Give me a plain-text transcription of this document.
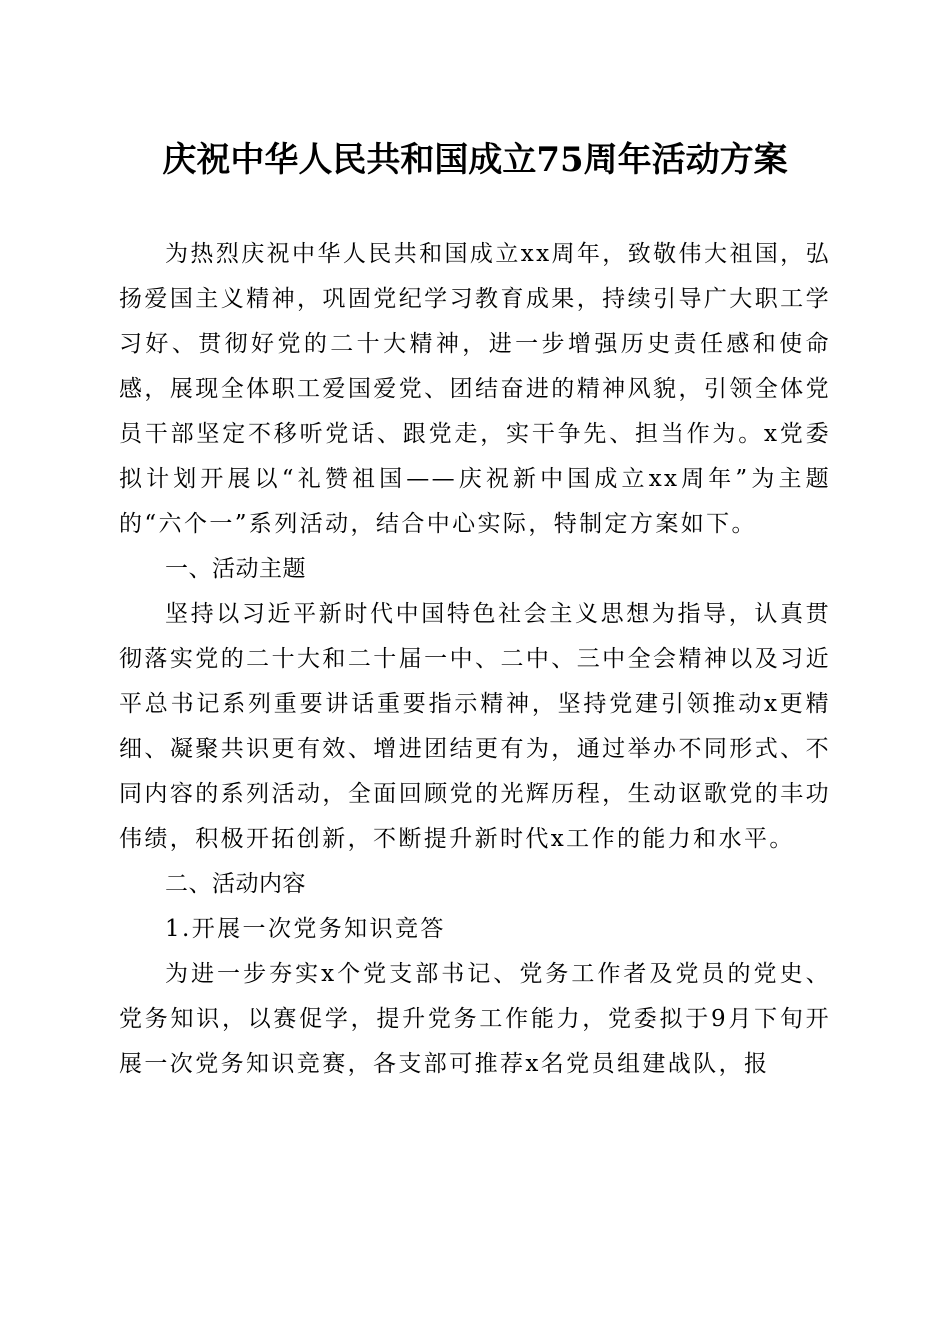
庆祝中华人民共和国成立75周年活动方案

为热烈庆祝中华人民共和国成立xx周年，致敬伟大祖国，弘扬爱国主义精神，巩固党纪学习教育成果，持续引导广大职工学习好、贯彻好党的二十大精神，进一步增强历史责任感和使命感，展现全体职工爱国爱党、团结奋进的精神风貌，引领全体党员干部坚定不移听党话、跟党走，实干争先、担当作为。x党委拟计划开展以“礼赞祖国——庆祝新中国成立xx周年”为主题的“六个一”系列活动，结合中心实际，特制定方案如下。

一、活动主题

坚持以习近平新时代中国特色社会主义思想为指导，认真贯彻落实党的二十大和二十届一中、二中、三中全会精神以及习近平总书记系列重要讲话重要指示精神，坚持党建引领推动x更精细、凝聚共识更有效、增进团结更有为，通过举办不同形式、不同内容的系列活动，全面回顾党的光辉历程，生动讴歌党的丰功伟绩，积极开拓创新，不断提升新时代x工作的能力和水平。

二、活动内容

1.开展一次党务知识竞答

为进一步夯实x个党支部书记、党务工作者及党员的党史、党务知识，以赛促学，提升党务工作能力，党委拟于9月下旬开展一次党务知识竞赛，各支部可推荐x名党员组建战队，报
